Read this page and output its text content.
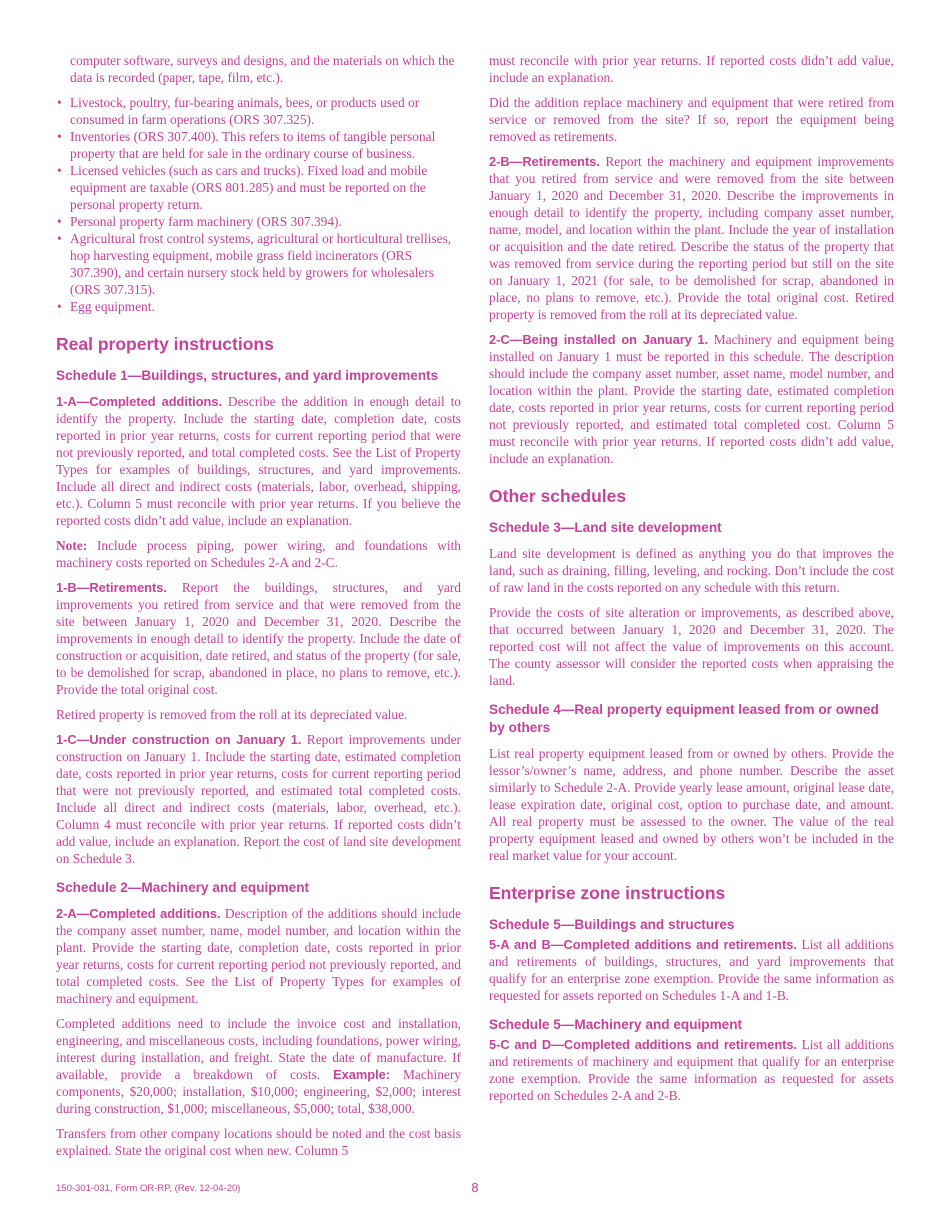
computer software, surveys and designs, and the materials on which the data is recorded (paper, tape, film, etc.).

• Livestock, poultry, fur-bearing animals, bees, or products used or consumed in farm operations (ORS 307.325).
• Inventories (ORS 307.400). This refers to items of tangible personal property that are held for sale in the ordinary course of business.
• Licensed vehicles (such as cars and trucks). Fixed load and mobile equipment are taxable (ORS 801.285) and must be reported on the personal property return.
• Personal property farm machinery (ORS 307.394).
• Agricultural frost control systems, agricultural or horticultural trellises, hop harvesting equipment, mobile grass field incinerators (ORS 307.390), and certain nursery stock held by growers for wholesalers (ORS 307.315).
• Egg equipment.
Real property instructions
Schedule 1—Buildings, structures, and yard improvements

1-A—Completed additions. Describe the addition in enough detail to identify the property. Include the starting date, completion date, costs reported in prior year returns, costs for current reporting period that were not previously reported, and total completed costs. See the List of Property Types for examples of buildings, structures, and yard improvements. Include all direct and indirect costs (materials, labor, overhead, shipping, etc.). Column 5 must reconcile with prior year returns. If you believe the reported costs didn’t add value, include an explanation.

Note: Include process piping, power wiring, and foundations with machinery costs reported on Schedules 2-A and 2-C.

1-B—Retirements. Report the buildings, structures, and yard improvements you retired from service and that were removed from the site between January 1, 2020 and December 31, 2020. Describe the improvements in enough detail to identify the property. Include the date of construction or acquisition, date retired, and status of the property (for sale, to be demolished for scrap, abandoned in place, no plans to remove, etc.). Provide the total original cost.

Retired property is removed from the roll at its depreciated value.

1-C—Under construction on January 1. Report improvements under construction on January 1. Include the starting date, estimated completion date, costs reported in prior year returns, costs for current reporting period that were not previously reported, and estimated total completed costs. Include all direct and indirect costs (materials, labor, overhead, etc.). Column 4 must reconcile with prior year returns. If reported costs didn’t add value, include an explanation. Report the cost of land site development on Schedule 3.

Schedule 2—Machinery and equipment

2-A—Completed additions. Description of the additions should include the company asset number, name, model number, and location within the plant. Provide the starting date, completion date, costs reported in prior year returns, costs for current reporting period not previously reported, and total completed costs. See the List of Property Types for examples of machinery and equipment.

Completed additions need to include the invoice cost and installation, engineering, and miscellaneous costs, including foundations, power wiring, interest during installation, and freight. State the date of manufacture. If available, provide a breakdown of costs. Example: Machinery components, $20,000; installation, $10,000; engineering, $2,000; interest during construction, $1,000; miscellaneous, $5,000; total, $38,000.

Transfers from other company locations should be noted and the cost basis explained. State the original cost when new. Column 5

must reconcile with prior year returns. If reported costs didn’t add value, include an explanation.

Did the addition replace machinery and equipment that were retired from service or removed from the site? If so, report the equipment being removed as retirements.

2-B—Retirements. Report the machinery and equipment improvements that you retired from service and were removed from the site between January 1, 2020 and December 31, 2020. Describe the improvements in enough detail to identify the property, including company asset number, name, model, and location within the plant. Include the year of installation or acquisition and the date retired. Describe the status of the property that was removed from service during the reporting period but still on the site on January 1, 2021 (for sale, to be demolished for scrap, abandoned in place, no plans to remove, etc.). Provide the total original cost. Retired property is removed from the roll at its depreciated value.

2-C—Being installed on January 1. Machinery and equipment being installed on January 1 must be reported in this schedule. The description should include the company asset number, asset name, model number, and location within the plant. Provide the starting date, estimated completion date, costs reported in prior year returns, costs for current reporting period not previously reported, and estimated total completed cost. Column 5 must reconcile with prior year returns. If reported costs didn’t add value, include an explanation.

Other schedules
Schedule 3—Land site development

Land site development is defined as anything you do that improves the land, such as draining, filling, leveling, and rocking. Don’t include the cost of raw land in the costs reported on any schedule with this return.

Provide the costs of site alteration or improvements, as described above, that occurred between January 1, 2020 and December 31, 2020. The reported cost will not affect the value of improvements on this account. The county assessor will consider the reported costs when appraising the land.

Schedule 4—Real property equipment leased from or owned by others

List real property equipment leased from or owned by others. Provide the lessor’s/owner’s name, address, and phone number. Describe the asset similarly to Schedule 2-A. Provide yearly lease amount, original lease date, lease expiration date, original cost, option to purchase date, and amount. All real property must be assessed to the owner. The value of the real property equipment leased and owned by others won’t be included in the real market value for your account.

Enterprise zone instructions
Schedule 5—Buildings and structures

5-A and B—Completed additions and retirements. List all additions and retirements of buildings, structures, and yard improvements that qualify for an enterprise zone exemption. Provide the same information as requested for assets reported on Schedules 1-A and 1-B.

Schedule 5—Machinery and equipment

5-C and D—Completed additions and retirements. List all additions and retirements of machinery and equipment that qualify for an enterprise zone exemption. Provide the same information as requested for assets reported on Schedules 2-A and 2-B.

150-301-031, Form OR-RP, (Rev. 12-04-20)	8
